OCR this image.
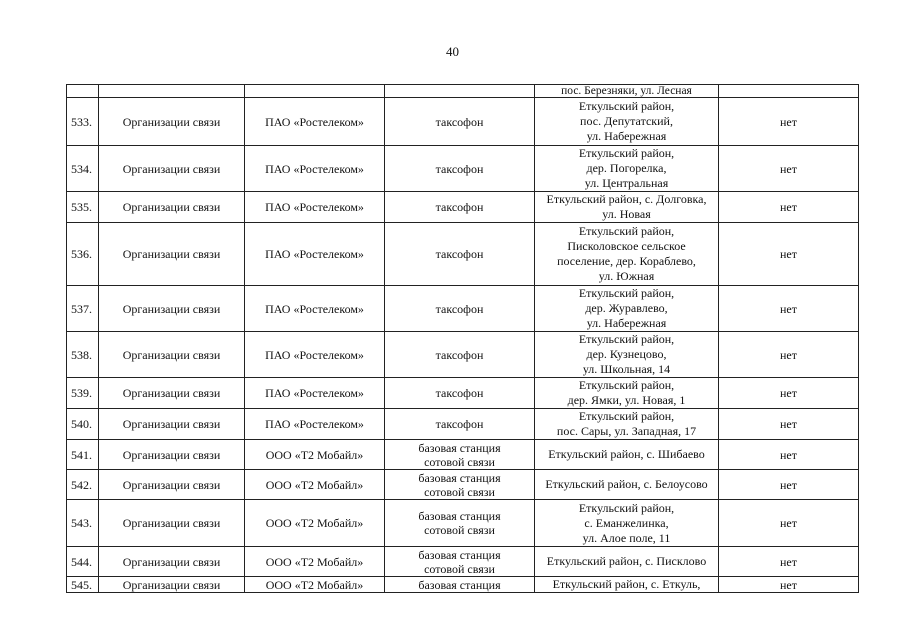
40
				пос. Березняки, ул. Лесная	
533.	Организации связи	ПАО «Ростелеком»	таксофон	Еткульский район,
пос. Депутатский,
ул. Набережная	нет
534.	Организации связи	ПАО «Ростелеком»	таксофон	Еткульский район,
дер. Погорелка,
ул. Центральная	нет
535.	Организации связи	ПАО «Ростелеком»	таксофон	Еткульский район, с. Долговка,
ул. Новая	нет
536.	Организации связи	ПАО «Ростелеком»	таксофон	Еткульский район,
Писколовское сельское
поселение, дер. Кораблево,
ул. Южная	нет
537.	Организации связи	ПАО «Ростелеком»	таксофон	Еткульский район,
дер. Журавлево,
ул. Набережная	нет
538.	Организации связи	ПАО «Ростелеком»	таксофон	Еткульский район,
дер. Кузнецово,
ул. Школьная, 14	нет
539.	Организации связи	ПАО «Ростелеком»	таксофон	Еткульский район,
дер. Ямки, ул. Новая, 1	нет
540.	Организации связи	ПАО «Ростелеком»	таксофон	Еткульский район,
пос. Сары, ул. Западная, 17	нет
541.	Организации связи	ООО «Т2 Мобайл»	базовая станция
сотовой связи	Еткульский район, с. Шибаево	нет
542.	Организации связи	ООО «Т2 Мобайл»	базовая станция
сотовой связи	Еткульский район, с. Белоусово	нет
543.	Организации связи	ООО «Т2 Мобайл»	базовая станция
сотовой связи	Еткульский район,
с. Еманжелинка,
ул. Алое поле, 11	нет
544.	Организации связи	ООО «Т2 Мобайл»	базовая станция
сотовой связи	Еткульский район, с. Писклово	нет
545.	Организации связи	ООО «Т2 Мобайл»	базовая станция	Еткульский район, с. Еткуль,	нет
